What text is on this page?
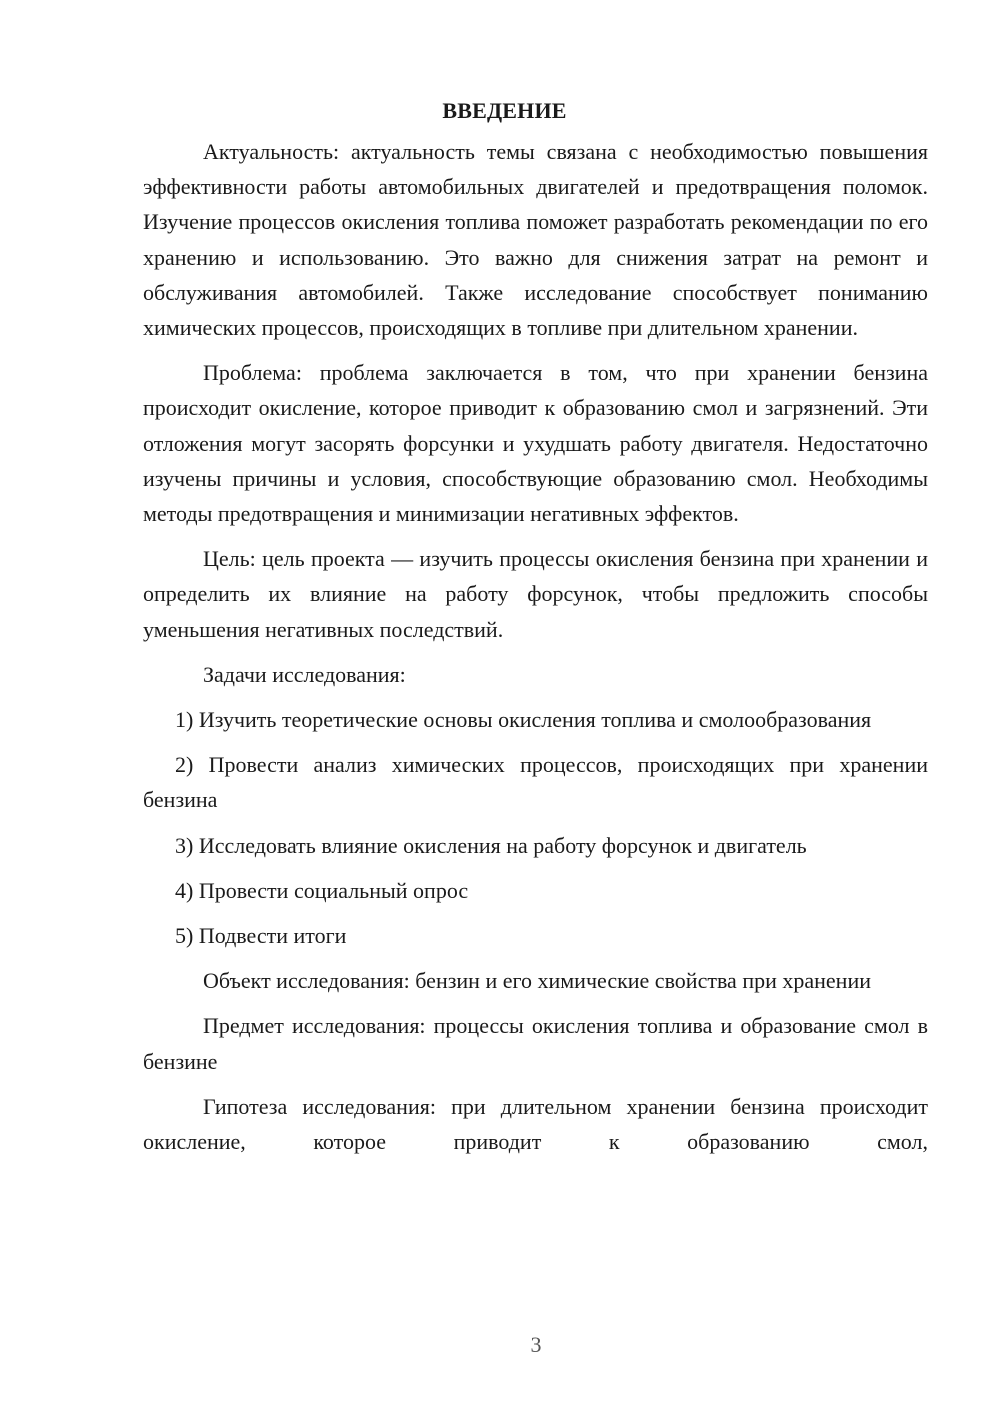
ВВЕДЕНИЕ

Актуальность: актуальность темы связана с необходимостью повышения эффективности работы автомобильных двигателей и предотвращения поломок. Изучение процессов окисления топлива поможет разработать рекомендации по его хранению и использованию. Это важно для снижения затрат на ремонт и обслуживания автомобилей. Также исследование способствует пониманию химических процессов, происходящих в топливе при длительном хранении.

Проблема: проблема заключается в том, что при хранении бензина происходит окисление, которое приводит к образованию смол и загрязнений. Эти отложения могут засорять форсунки и ухудшать работу двигателя. Недостаточно изучены причины и условия, способствующие образованию смол. Необходимы методы предотвращения и минимизации негативных эффектов.

Цель: цель проекта — изучить процессы окисления бензина при хранении и определить их влияние на работу форсунок, чтобы предложить способы уменьшения негативных последствий.

Задачи исследования:

1) Изучить теоретические основы окисления топлива и смолообразования

2) Провести анализ химических процессов, происходящих при хранении бензина

3) Исследовать влияние окисления на работу форсунок и двигатель

4) Провести социальный опрос

5) Подвести итоги

Объект исследования: бензин и его химические свойства при хранении

Предмет исследования: процессы окисления топлива и образование смол в бензине

Гипотеза исследования: при длительном хранении бензина происходит окисление, которое приводит к образованию смол,

3
